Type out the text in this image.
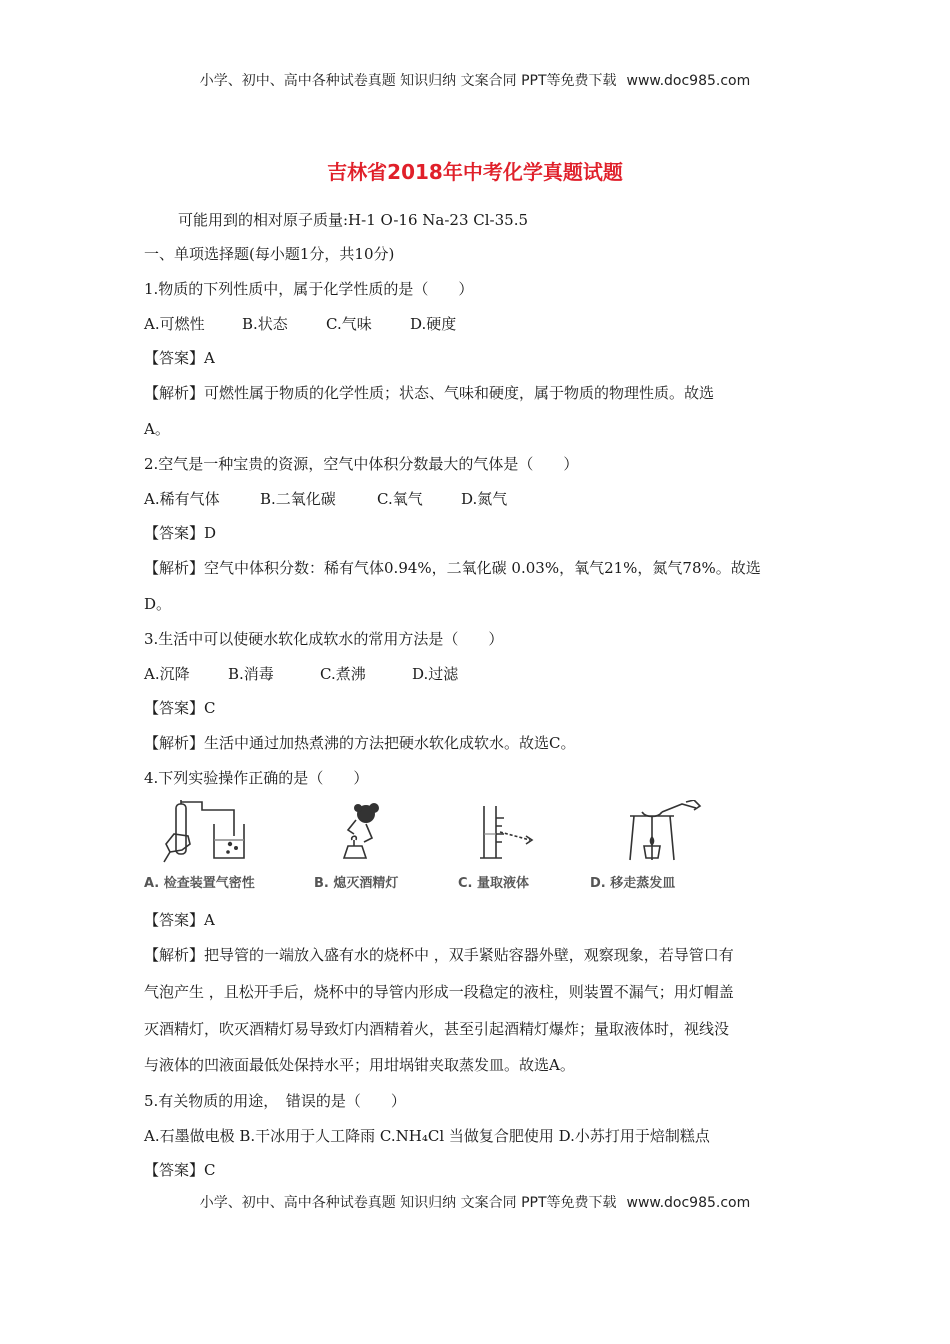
小学、初中、高中各种试卷真题 知识归纳 文案合同 PPT等免费下载 www.doc985.com
吉林省2018年中考化学真题试题
可能用到的相对原子质量:H-1 O-16 Na-23 Cl-35.5
一、单项选择题(每小题1分，共10分)
1.物质的下列性质中，属于化学性质的是（　　）
A.可燃性 B.状态	C.气味	D.硬度
【答案】A
【解析】可燃性属于物质的化学性质；状态、气味和硬度，属于物质的物理性质。故选
A。
2.空气是一种宝贵的资源，空气中体积分数最大的气体是（　　）
A.稀有气体	B.二氧化碳	C.氧气	D.氮气
【答案】D
【解析】空气中体积分数：稀有气体0.94%，二氧化碳 0.03%，氧气21%，氮气78%。故选
D。
3.生活中可以使硬水软化成软水的常用方法是（　　）
A.沉降	B.消毒	C.煮沸	D.过滤
【答案】C
【解析】生活中通过加热煮沸的方法把硬水软化成软水。故选C。
4.下列实验操作正确的是（　　）
A. 检查装置气密性	B. 熄灭酒精灯	C. 量取液体	D. 移走蒸发皿
【答案】A
【解析】把导管的一端放入盛有水的烧杯中 ，双手紧贴容器外壁，观察现象，若导管口有
气泡产生 ，且松开手后，烧杯中的导管内形成一段稳定的液柱，则装置不漏气；用灯帽盖
灭酒精灯，吹灭酒精灯易导致灯内酒精着火，甚至引起酒精灯爆炸；量取液体时，视线没
与液体的凹液面最低处保持水平；用坩埚钳夹取蒸发皿。故选A。
5.有关物质的用途，　错误的是（　　）
A.石墨做电极 B.干冰用于人工降雨 C.NH₄Cl 当做复合肥使用 D.小苏打用于焙制糕点
【答案】C
小学、初中、高中各种试卷真题 知识归纳 文案合同 PPT等免费下载 www.doc985.com
